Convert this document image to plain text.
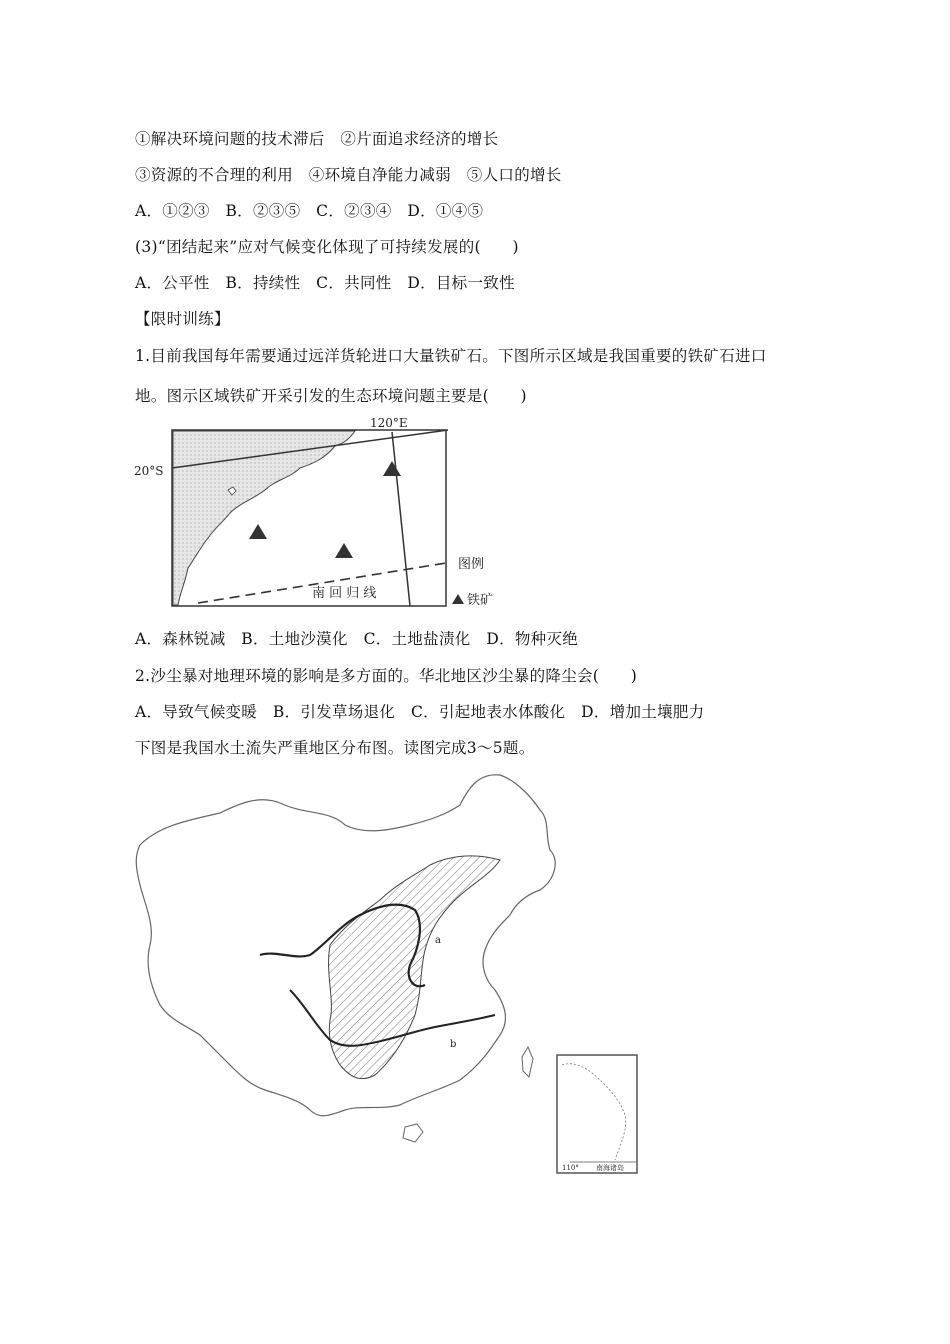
①解决环境问题的技术滞后　②片面追求经济的增长
③资源的不合理的利用　④环境自净能力减弱　⑤人口的增长
A．①②③　B．②③⑤　C．②③④　D．①④⑤
(3)“团结起来”应对气候变化体现了可持续发展的(　　)
A．公平性　B．持续性　C．共同性　D．目标一致性
【限时训练】
1.目前我国每年需要通过远洋货轮进口大量铁矿石。下图所示区域是我国重要的铁矿石进口
地。图示区域铁矿开采引发的生态环境问题主要是(　　)
120°E
20°S
南 回 归 线
图例
铁矿
A．森林锐减　B．土地沙漠化　C．土地盐渍化　D．物种灭绝
2.沙尘暴对地理环境的影响是多方面的。华北地区沙尘暴的降尘会(　　)
A．导致气候变暖　B．引发草场退化　C．引起地表水体酸化　D．增加土壤肥力
下图是我国水土流失严重地区分布图。读图完成3～5题。
a
b
南海诸岛
110°
